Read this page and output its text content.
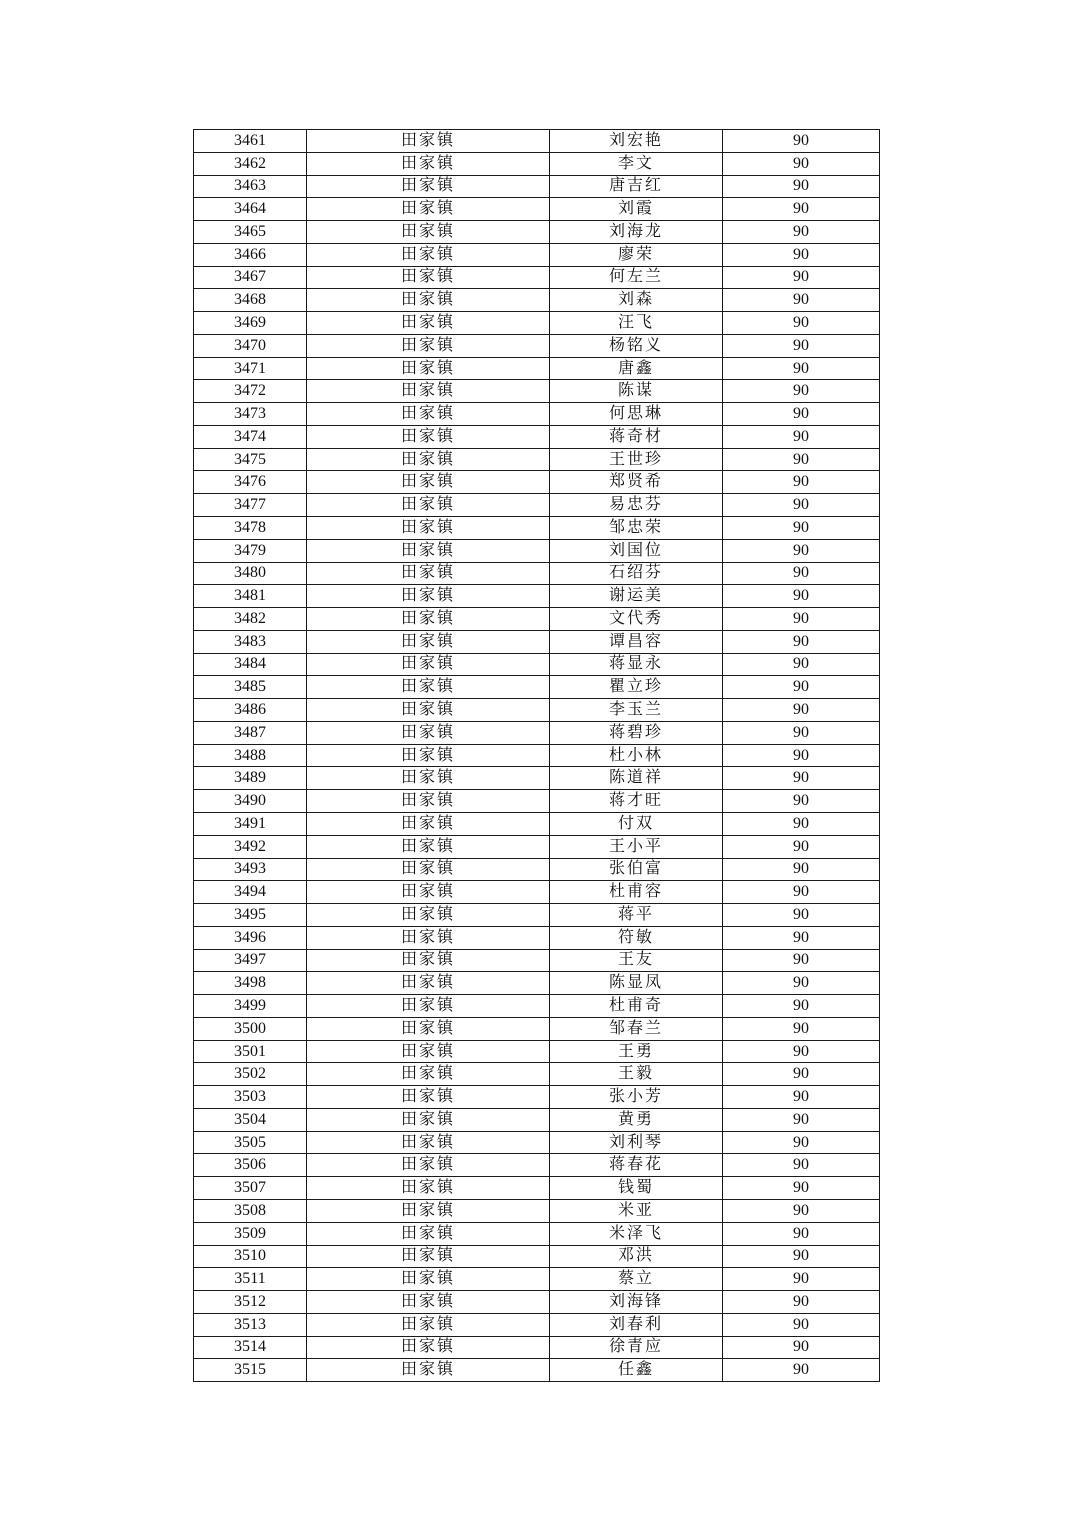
3461	田家镇	刘宏艳	90
3462	田家镇	李文	90
3463	田家镇	唐吉红	90
3464	田家镇	刘霞	90
3465	田家镇	刘海龙	90
3466	田家镇	廖荣	90
3467	田家镇	何左兰	90
3468	田家镇	刘森	90
3469	田家镇	汪飞	90
3470	田家镇	杨铭义	90
3471	田家镇	唐鑫	90
3472	田家镇	陈谋	90
3473	田家镇	何思琳	90
3474	田家镇	蒋奇材	90
3475	田家镇	王世珍	90
3476	田家镇	郑贤希	90
3477	田家镇	易忠芬	90
3478	田家镇	邹忠荣	90
3479	田家镇	刘国位	90
3480	田家镇	石绍芬	90
3481	田家镇	谢运美	90
3482	田家镇	文代秀	90
3483	田家镇	谭昌容	90
3484	田家镇	蒋显永	90
3485	田家镇	瞿立珍	90
3486	田家镇	李玉兰	90
3487	田家镇	蒋碧珍	90
3488	田家镇	杜小林	90
3489	田家镇	陈道祥	90
3490	田家镇	蒋才旺	90
3491	田家镇	付双	90
3492	田家镇	王小平	90
3493	田家镇	张伯富	90
3494	田家镇	杜甫容	90
3495	田家镇	蒋平	90
3496	田家镇	符敏	90
3497	田家镇	王友	90
3498	田家镇	陈显凤	90
3499	田家镇	杜甫奇	90
3500	田家镇	邹春兰	90
3501	田家镇	王勇	90
3502	田家镇	王毅	90
3503	田家镇	张小芳	90
3504	田家镇	黄勇	90
3505	田家镇	刘利琴	90
3506	田家镇	蒋春花	90
3507	田家镇	钱蜀	90
3508	田家镇	米亚	90
3509	田家镇	米泽飞	90
3510	田家镇	邓洪	90
3511	田家镇	蔡立	90
3512	田家镇	刘海锋	90
3513	田家镇	刘春利	90
3514	田家镇	徐青应	90
3515	田家镇	任鑫	90
